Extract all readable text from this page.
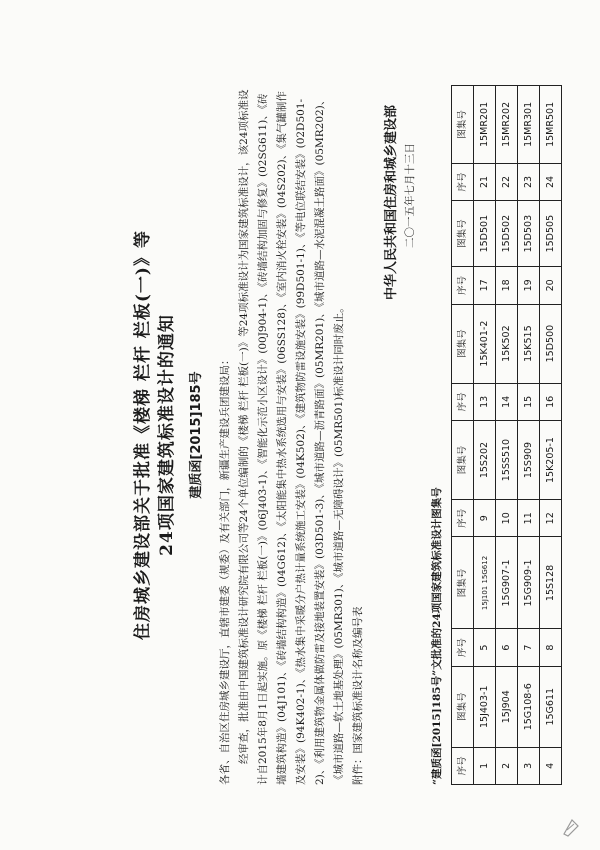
住房城乡建设部关于批准《楼梯 栏杆 栏板(一)》等 24项国家建筑标准设计的通知 建质函[2015]185号 各省、自治区住房城乡建设厅，直辖市建委（规委）及有关部门，新疆生产建设兵团建设局： 经审查，批准由中国建筑标准设计研究院有限公司等24个单位编制的《楼梯 栏杆 栏板(一)》等24项标准设计为国家建筑标准设计，该24项标准设计自2015年8月1日起实施。原《楼梯 栏杆 栏板(一)》(06J403-1)、《智能化示范小区设计》(00J904-1)、《砖墙结构加固与修复》(02SG611)、《砖墙建筑构造》(04J101)、《砖墙结构构造》(04G612)、《太阳能集中热水系统选用与安装》(06SS128)、《室内消火栓安装》(04S202)、《集气罐制作及安装》(94K402-1)、《热水集中采暖分户热计量系统施工安装》(04K502)、《建筑物防雷设施安装》(99D501-1)、《等电位联结安装》(02D501-2)、《利用建筑物金属体做防雷及接地装置安装》(03D501-3)、《城市道路—沥青路面》(05MR201)、《城市道路—水泥混凝土路面》(05MR202)、《城市道路—软土地基处理》(05MR301)、《城市道路—无障碍设计》(05MR501)标准设计同时废止。 附件：国家建筑标准设计名称及编号表

中华人民共和国住房和城乡建设部 二〇一五年七月十三日
“建质函[2015]185号”文批准的24项国家建筑标准设计图集号	序号	图集号	序号	图集号	序号	图集号	序号	图集号	序号	图集号	序号	图集号
1	15J403-1	5	15J101 15G612	9	15S202	13	15K401-2	17	15D501	21	15MR201
2	15J904	6	15G907-1	10	15SS510	14	15K502	18	15D502	22	15MR202
3	15G108-6	7	15G909-1	11	15S909	15	15K515	19	15D503	23	15MR301
4	15G611	8	15S128	12	15K205-1	16	15D500	20	15D505	24	15MR501
